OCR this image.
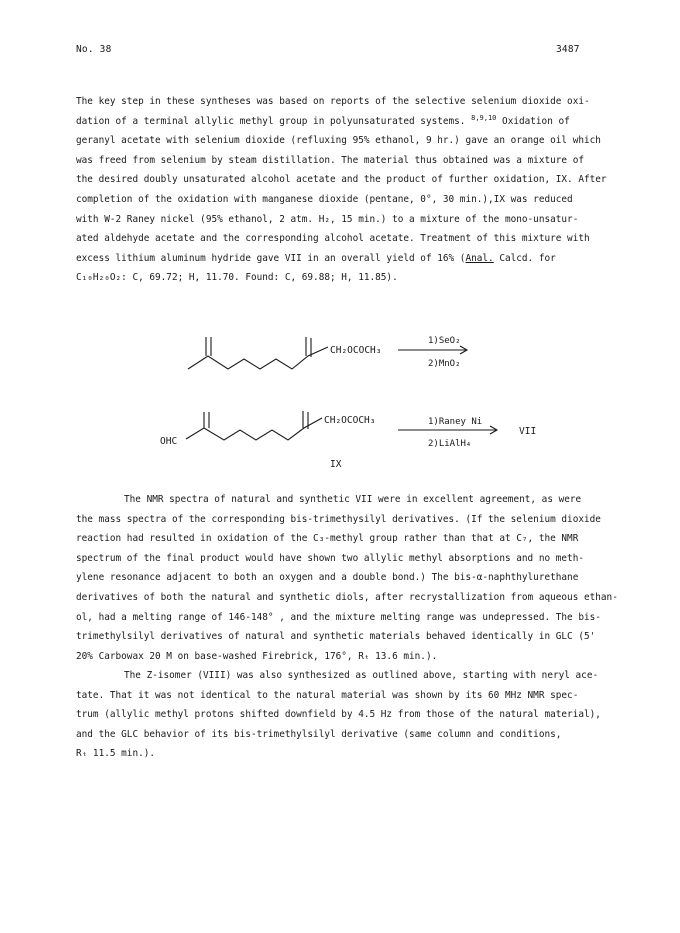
No. 38	3487
The key step in these syntheses was based on reports of the selective selenium dioxide oxi-
dation of a terminal allylic methyl group in polyunsaturated systems. $^{8,9,10}$ Oxidation of
geranyl acetate with selenium dioxide (refluxing 95% ethanol, 9 hr.) gave an orange oil which
was freed from selenium by steam distillation. The material thus obtained was a mixture of
the desired doubly unsaturated alcohol acetate and the product of further oxidation, IX. After
completion of the oxidation with manganese dioxide (pentane, 0°, 30 min.),IX was reduced
with W-2 Raney nickel (95% ethanol, 2 atm. H₂, 15 min.) to a mixture of the mono-unsatur-
ated aldehyde acetate and the corresponding alcohol acetate. Treatment of this mixture with
excess lithium aluminum hydride gave VII in an overall yield of 16% (Anal. Calcd. for
C₁₀H₂₀O₂: C, 69.72; H, 11.70. Found: C, 69.88; H, 11.85).
CH₂OCOCH₃
1)SeO₂
2)MnO₂
OHC
CH₂OCOCH₃	1)Raney Ni
2)LiAlH₄
VII
IX
The NMR spectra of natural and synthetic VII were in excellent agreement, as were
the mass spectra of the corresponding bis-trimethysilyl derivatives. (If the selenium dioxide
reaction had resulted in oxidation of the C₃-methyl group rather than that at C₇, the NMR
spectrum of the final product would have shown two allylic methyl absorptions and no meth-
ylene resonance adjacent to both an oxygen and a double bond.) The bis-α-naphthylurethane
derivatives of both the natural and synthetic diols, after recrystallization from aqueous ethan-
ol, had a melting range of 146-148° , and the mixture melting range was undepressed. The bis-
trimethylsilyl derivatives of natural and synthetic materials behaved identically in GLC (5'
20% Carbowax 20 M on base-washed Firebrick, 176°, Rₜ 13.6 min.).
The Z-isomer (VIII) was also synthesized as outlined above, starting with neryl ace-
tate. That it was not identical to the natural material was shown by its 60 MHz NMR spec-
trum (allylic methyl protons shifted downfield by 4.5 Hz from those of the natural material),
and the GLC behavior of its bis-trimethylsilyl derivative (same column and conditions,
Rₜ 11.5 min.).
